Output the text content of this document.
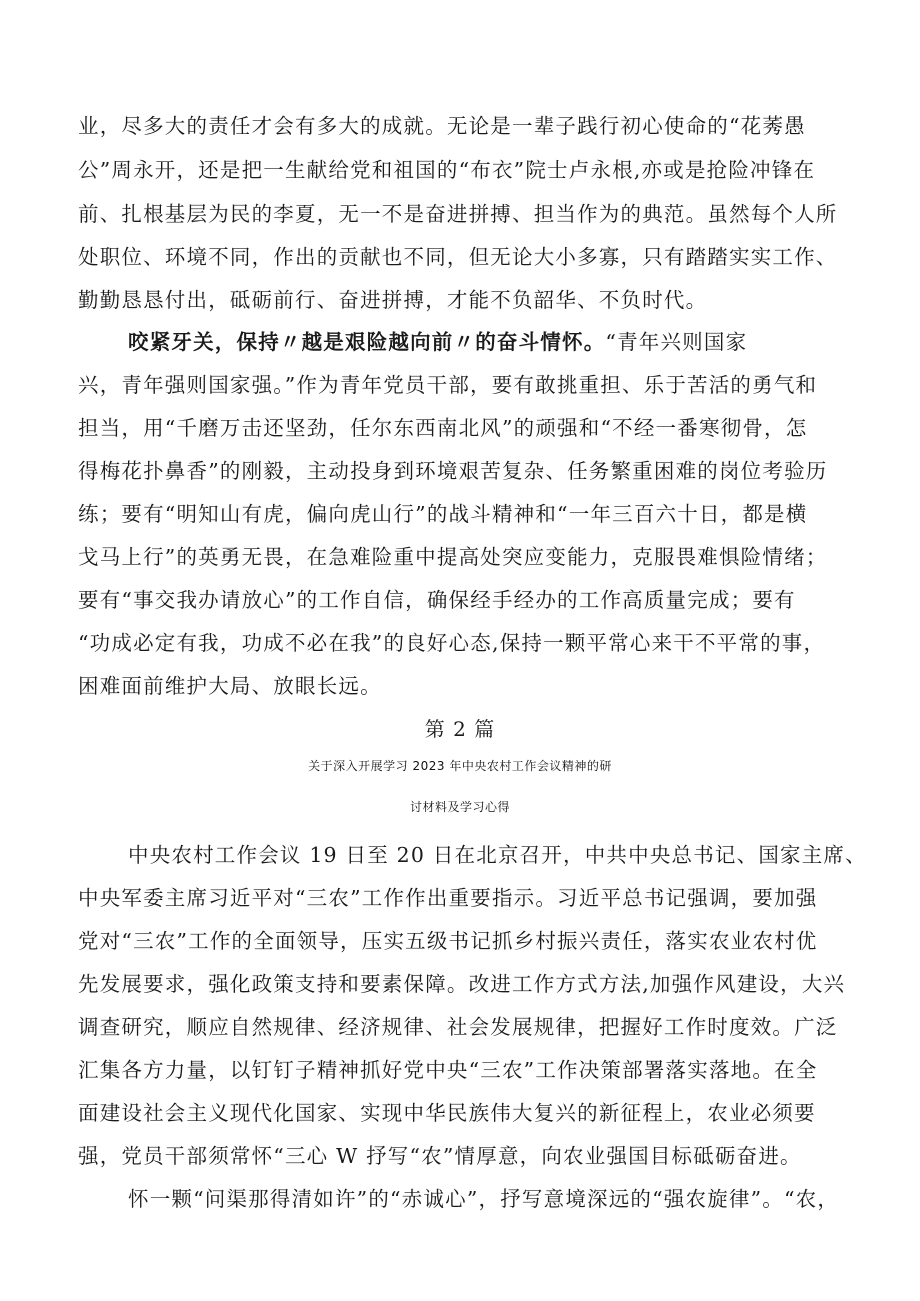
业，尽多大的责任才会有多大的成就。无论是一辈子践行初心使命的“花莠愚
公”周永开，还是把一生献给党和祖国的“布衣”院士卢永根,亦或是抢险冲锋在
前、扎根基层为民的李夏，无一不是奋进拼搏、担当作为的典范。虽然每个人所
处职位、环境不同，作出的贡献也不同，但无论大小多寡，只有踏踏实实工作、
勤勤恳恳付出，砥砺前行、奋进拼搏，才能不负韶华、不负时代。
咬紧牙关，保持〃越是艰险越向前〃的奋斗情怀。“青年兴则国家
兴，青年强则国家强。”作为青年党员干部，要有敢挑重担、乐于苦活的勇气和
担当，用“千磨万击还坚劲，任尔东西南北风”的顽强和“不经一番寒彻骨，怎
得梅花扑鼻香”的刚毅，主动投身到环境艰苦复杂、任务繁重困难的岗位考验历
练；要有“明知山有虎，偏向虎山行”的战斗精神和“一年三百六十日，都是横
戈马上行”的英勇无畏，在急难险重中提高处突应变能力，克服畏难惧险情绪；
要有“事交我办请放心”的工作自信，确保经手经办的工作高质量完成；要有
“功成必定有我，功成不必在我”的良好心态,保持一颗平常心来干不平常的事，
困难面前维护大局、放眼长远。
第 2 篇
关于深入开展学习 2023 年中央农村工作会议精神的研
讨材料及学习心得
中央农村工作会议 19 日至 20 日在北京召开，中共中央总书记、国家主席、
中央军委主席习近平对“三农”工作作出重要指示。习近平总书记强调，要加强
党对“三农”工作的全面领导，压实五级书记抓乡村振兴责任，落实农业农村优
先发展要求，强化政策支持和要素保障。改进工作方式方法,加强作风建设，大兴
调查研究，顺应自然规律、经济规律、社会发展规律，把握好工作时度效。广泛
汇集各方力量，以钉钉子精神抓好党中央“三农”工作决策部署落实落地。在全
面建设社会主义现代化国家、实现中华民族伟大复兴的新征程上，农业必须要
强，党员干部须常怀“三心 W 抒写“农”情厚意，向农业强国目标砥砺奋进。
怀一颗“问渠那得清如许”的“赤诚心”，抒写意境深远的“强农旋律”。“农，
